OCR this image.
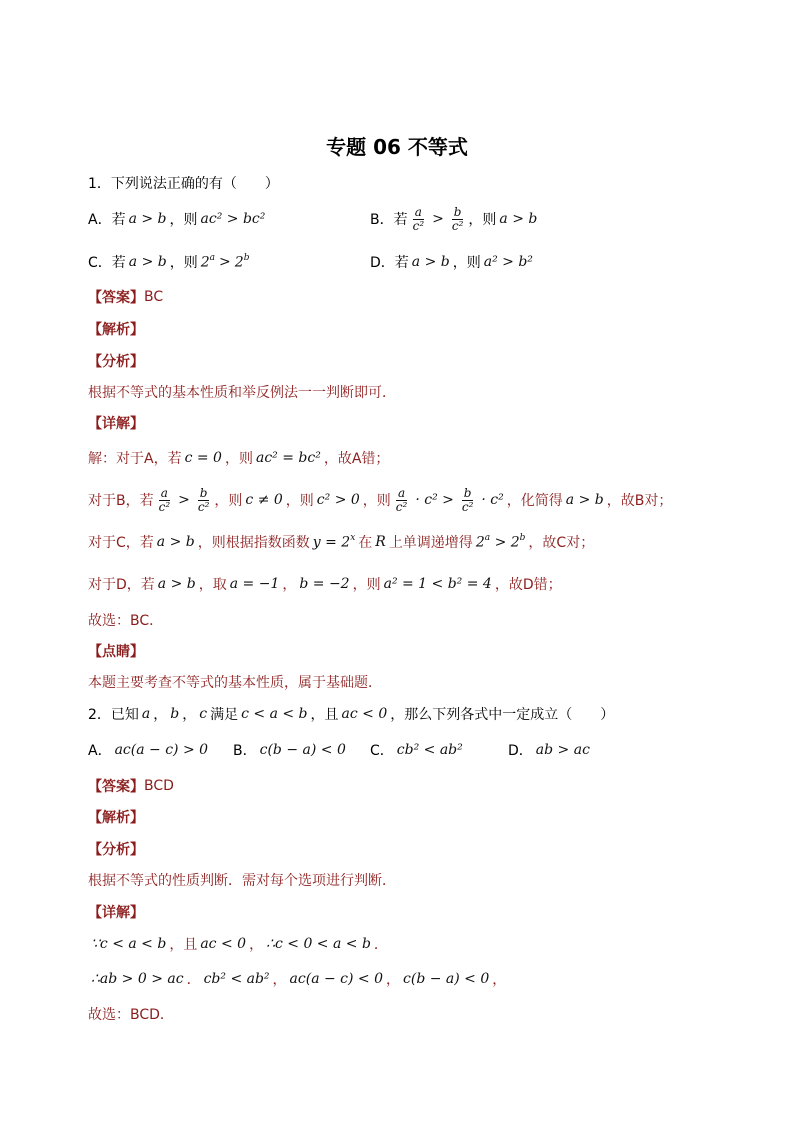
专题 06 不等式
1．下列说法正确的有（　　）
A．若 a > b ，则 ac² > bc²	B．若 $\frac{a}{\text{c²}} > \frac{b}{\text{c²}}$ ，则 a > b
C．若 a > b ，则 $2^a > 2^b$	D．若 a > b ，则 a² > b²
【答案】 BC
【解析】
【分析】
根据不等式的基本性质和举反例法一一判断即可．
【详解】
解：对于A，若 c = 0 ，则 ac² = bc² ，故A错；
对于B，若 $\frac{a}{\text{c²}} > \frac{b}{\text{c²}}$ ，则 c ≠ 0 ，则 c² > 0 ，则 $\frac{a}{\text{c²}} \cdot c^2 > \frac{b}{\text{c²}} \cdot c^2$ ，化简得 a > b ，故B对；
对于C，若 a > b ，则根据指数函数 $y = 2^x$ 在 R 上单调递增得 $2^a > 2^b$ ，故C对；
对于D，若 a > b ，取 a = −1 ， b = −2 ，则 a² = 1 < b² = 4 ，故D错；
故选：BC．
【点睛】
本题主要考查不等式的基本性质，属于基础题．
2．已知 a ， b ， c 满足 c < a < b ，且 ac < 0 ，那么下列各式中一定成立（　　）
A． ac(a − c) > 0 B． c(b − a) < 0 C． cb² < ab²	D． ab > ac
【答案】 BCD
【解析】
【分析】
根据不等式的性质判断．需对每个选项进行判断．
【详解】
∵c < a < b ，且 ac < 0 ， ∴c < 0 < a < b ．
∴ab > 0 > ac ． cb² < ab² ， ac(a − c) < 0 ， c(b − a) < 0 ，
故选：BCD．
